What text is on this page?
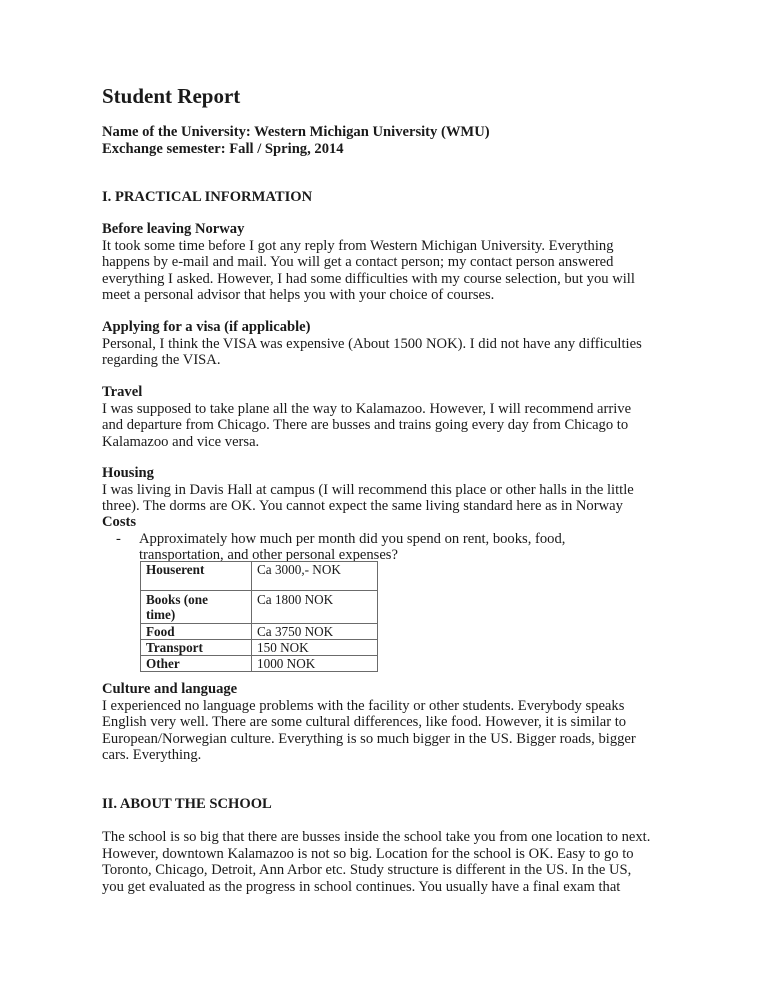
Student Report
Name of the University: Western Michigan University (WMU)
Exchange semester: Fall / Spring, 2014
I. PRACTICAL INFORMATION
Before leaving Norway
It took some time before I got any reply from Western Michigan University. Everything
happens by e-mail and mail. You will get a contact person; my contact person answered
everything I asked. However, I had some difficulties with my course selection, but you will
meet a personal advisor that helps you with your choice of courses.
Applying for a visa (if applicable)
Personal, I think the VISA was expensive (About 1500 NOK). I did not have any difficulties
regarding the VISA.
Travel
I was supposed to take plane all the way to Kalamazoo. However, I will recommend arrive
and departure from Chicago. There are busses and trains going every day from Chicago to
Kalamazoo and vice versa.
Housing
I was living in Davis Hall at campus (I will recommend this place or other halls in the little
three). The dorms are OK. You cannot expect the same living standard here as in Norway
Costs
- Approximately how much per month did you spend on rent, books, food,
transportation, and other personal expenses?
Houserent	Ca 3000,- NOK
Books (one
time)	Ca 1800 NOK
Food	Ca 3750 NOK
Transport	150 NOK
Other	1000 NOK
Culture and language
I experienced no language problems with the facility or other students. Everybody speaks
English very well. There are some cultural differences, like food. However, it is similar to
European/Norwegian culture. Everything is so much bigger in the US. Bigger roads, bigger
cars. Everything.
II. ABOUT THE SCHOOL
The school is so big that there are busses inside the school take you from one location to next.
However, downtown Kalamazoo is not so big. Location for the school is OK. Easy to go to
Toronto, Chicago, Detroit, Ann Arbor etc. Study structure is different in the US. In the US,
you get evaluated as the progress in school continues. You usually have a final exam that
